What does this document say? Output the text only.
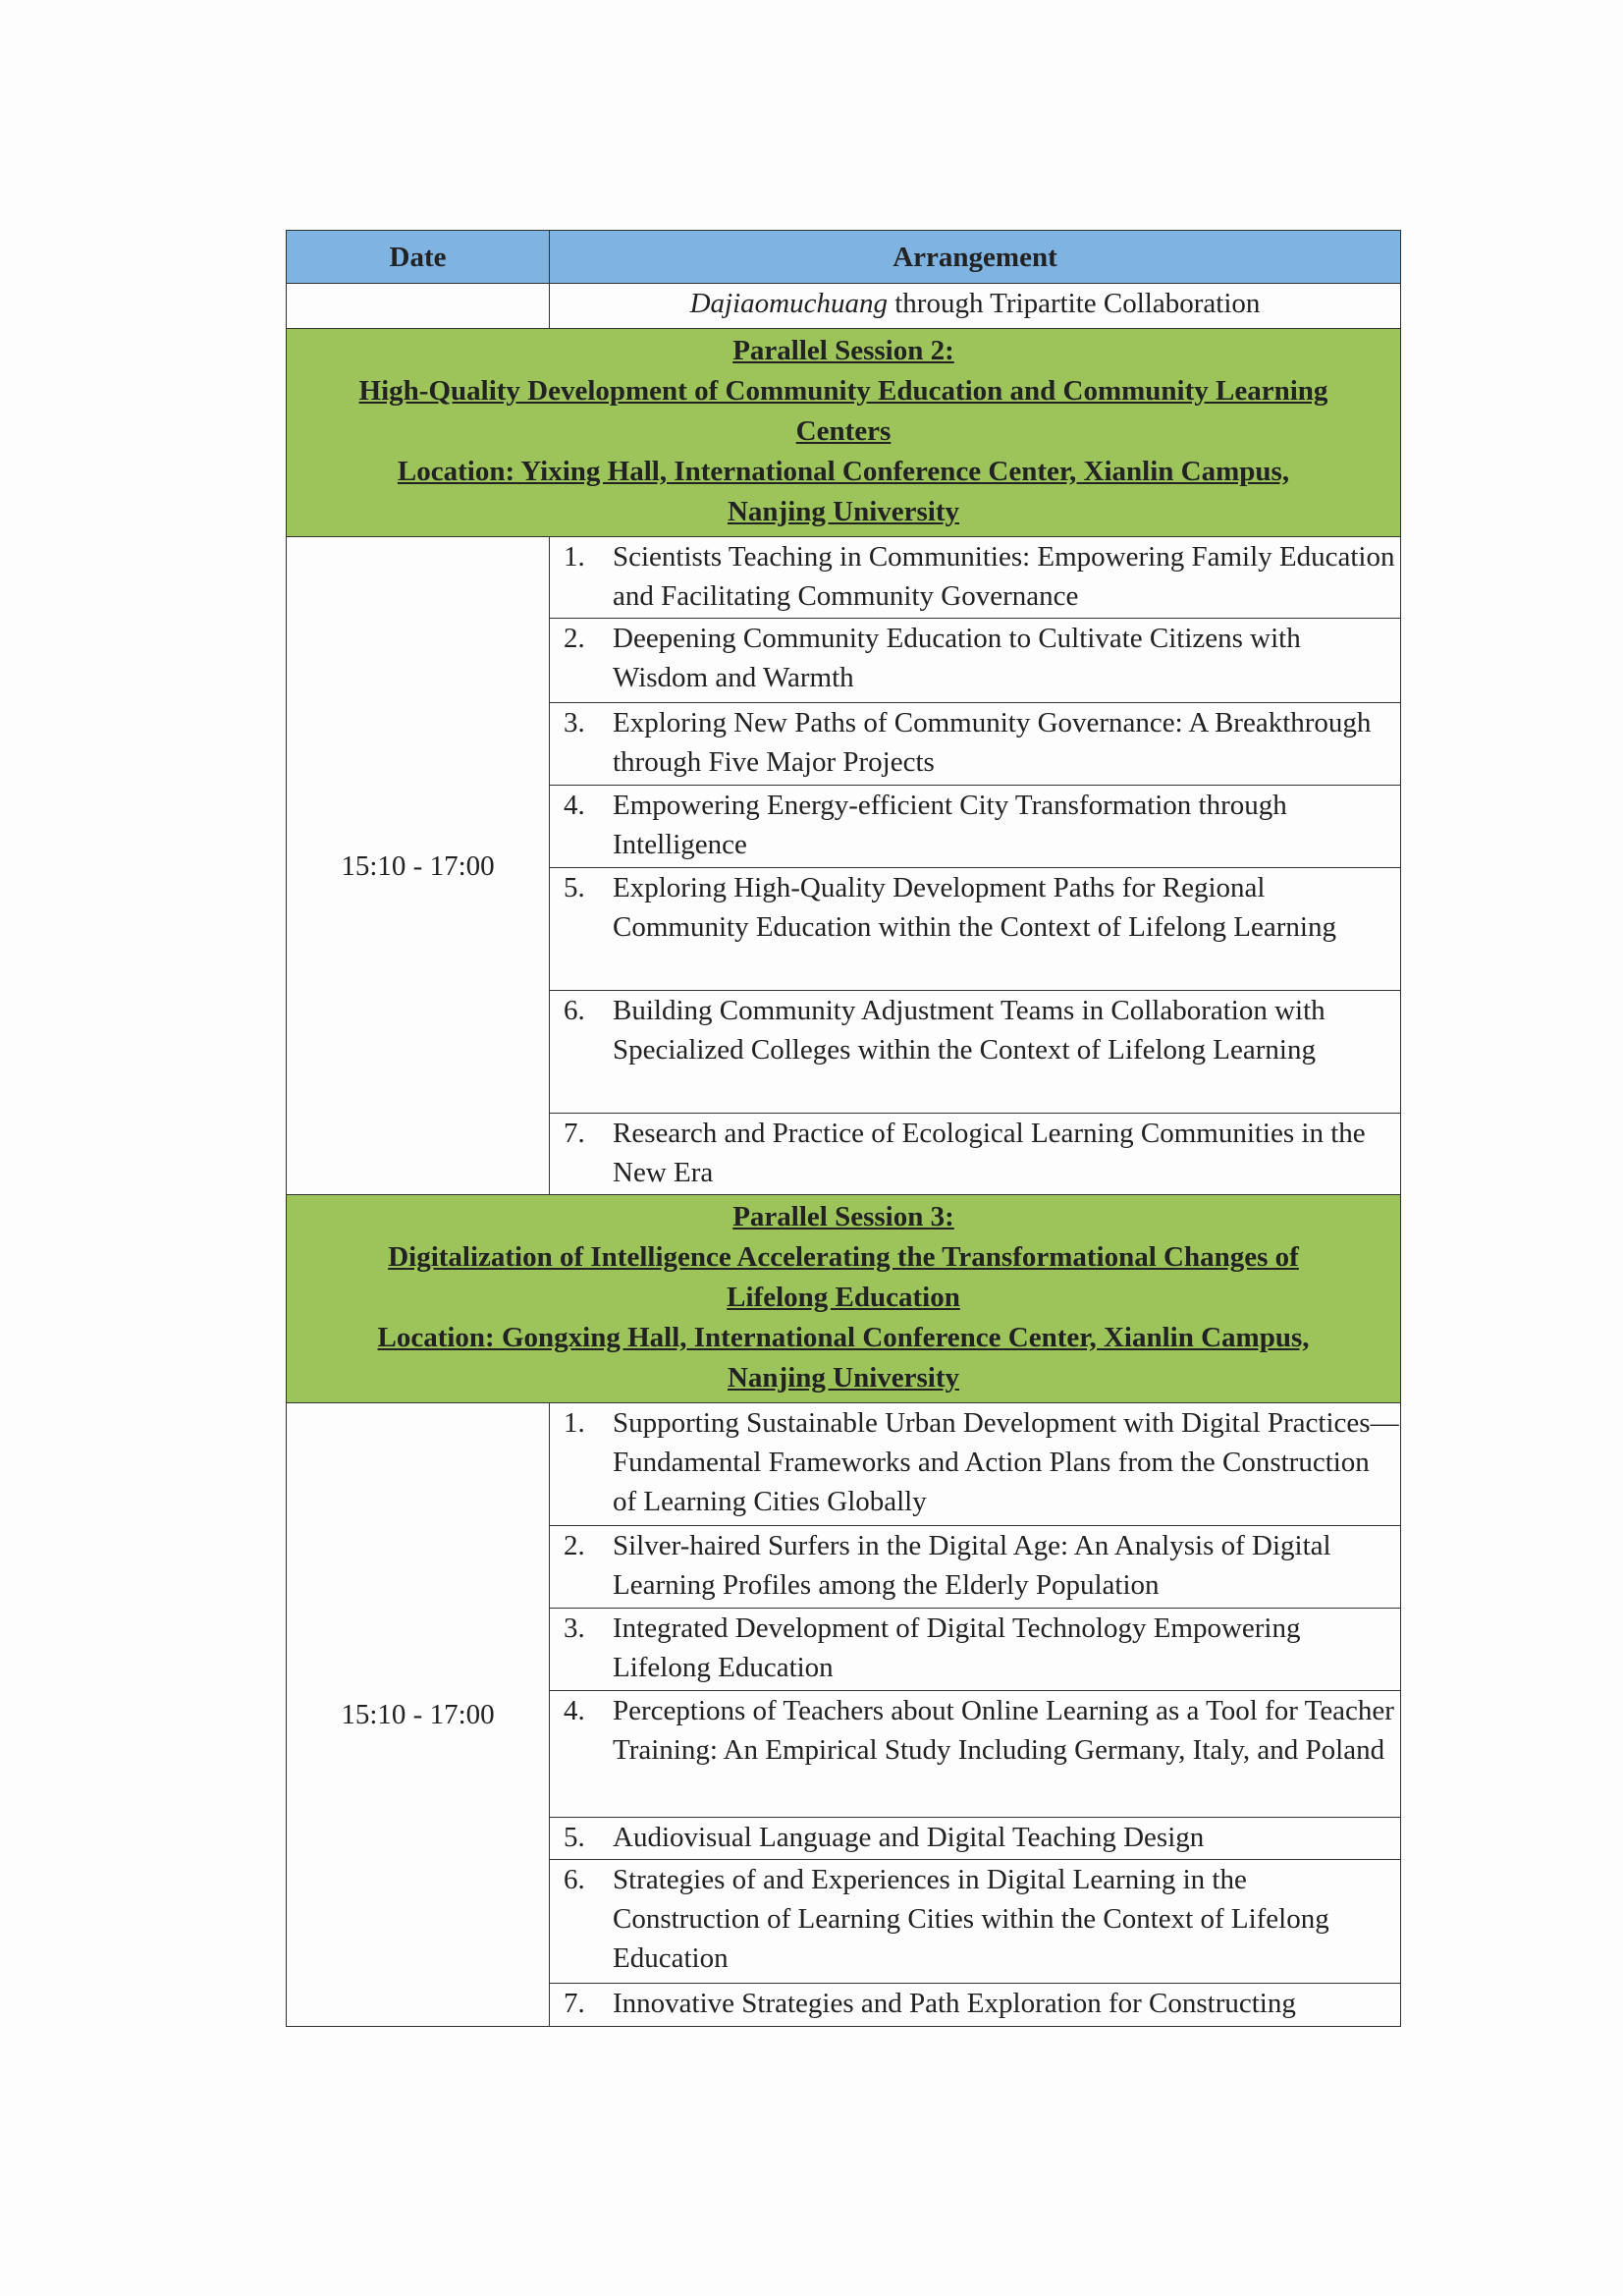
Date	Arrangement
	Dajiaomuchuang through Tripartite Collaboration

Parallel Session 2:
High-Quality Development of Community Education and Community Learning
Centers
Location: Yixing Hall, International Conference Center, Xianlin Campus,
Nanjing University	

15:10 - 17:00	1. Scientists Teaching in Communities: Empowering Family Education and Facilitating Community Governance

	2. Deepening Community Education to Cultivate Citizens with Wisdom and Warmth

	3. Exploring New Paths of Community Governance: A Breakthrough through Five Major Projects

	4. Empowering Energy-efficient City Transformation through Intelligence

	5. Exploring High-Quality Development Paths for Regional Community Education within the Context of Lifelong Learning

	6. Building Community Adjustment Teams in Collaboration with Specialized Colleges within the Context of Lifelong Learning

	7. Research and Practice of Ecological Learning Communities in the New Era

Parallel Session 3:
Digitalization of Intelligence Accelerating the Transformational Changes of
Lifelong Education
Location: Gongxing Hall, International Conference Center, Xianlin Campus,
Nanjing University	

15:10 - 17:00	1. Supporting Sustainable Urban Development with Digital Practices—Fundamental Frameworks and Action Plans from the Construction of Learning Cities Globally

	2. Silver-haired Surfers in the Digital Age: An Analysis of Digital Learning Profiles among the Elderly Population

	3. Integrated Development of Digital Technology Empowering Lifelong Education

	4. Perceptions of Teachers about Online Learning as a Tool for Teacher Training: An Empirical Study Including Germany, Italy, and Poland

	5. Audiovisual Language and Digital Teaching Design

	6. Strategies of and Experiences in Digital Learning in the Construction of Learning Cities within the Context of Lifelong Education

	7. Innovative Strategies and Path Exploration for Constructing
